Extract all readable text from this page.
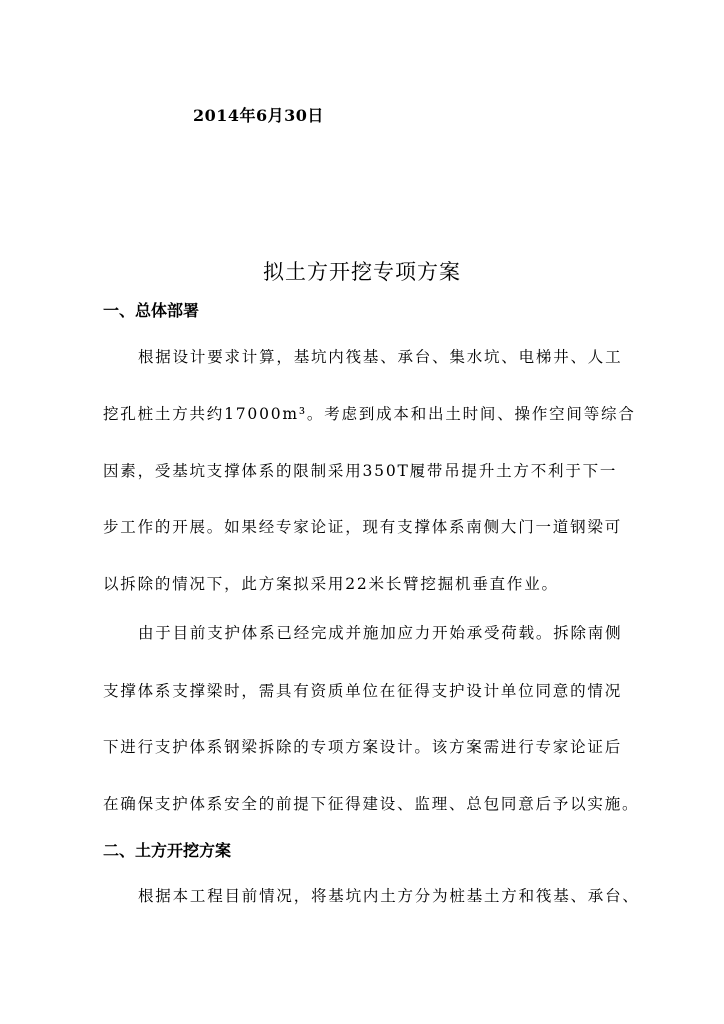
2014年6月30日
拟土方开挖专项方案
一、总体部署
根据设计要求计算，基坑内筏基、承台、集水坑、电梯井、人工
挖孔桩土方共约17000m³。考虑到成本和出土时间、操作空间等综合
因素，受基坑支撑体系的限制采用350T履带吊提升土方不利于下一
步工作的开展。如果经专家论证，现有支撑体系南侧大门一道钢梁可
以拆除的情况下，此方案拟采用22米长臂挖掘机垂直作业。
由于目前支护体系已经完成并施加应力开始承受荷载。拆除南侧
支撑体系支撑梁时，需具有资质单位在征得支护设计单位同意的情况
下进行支护体系钢梁拆除的专项方案设计。该方案需进行专家论证后
在确保支护体系安全的前提下征得建设、监理、总包同意后予以实施。
二、土方开挖方案
根据本工程目前情况，将基坑内土方分为桩基土方和筏基、承台、
